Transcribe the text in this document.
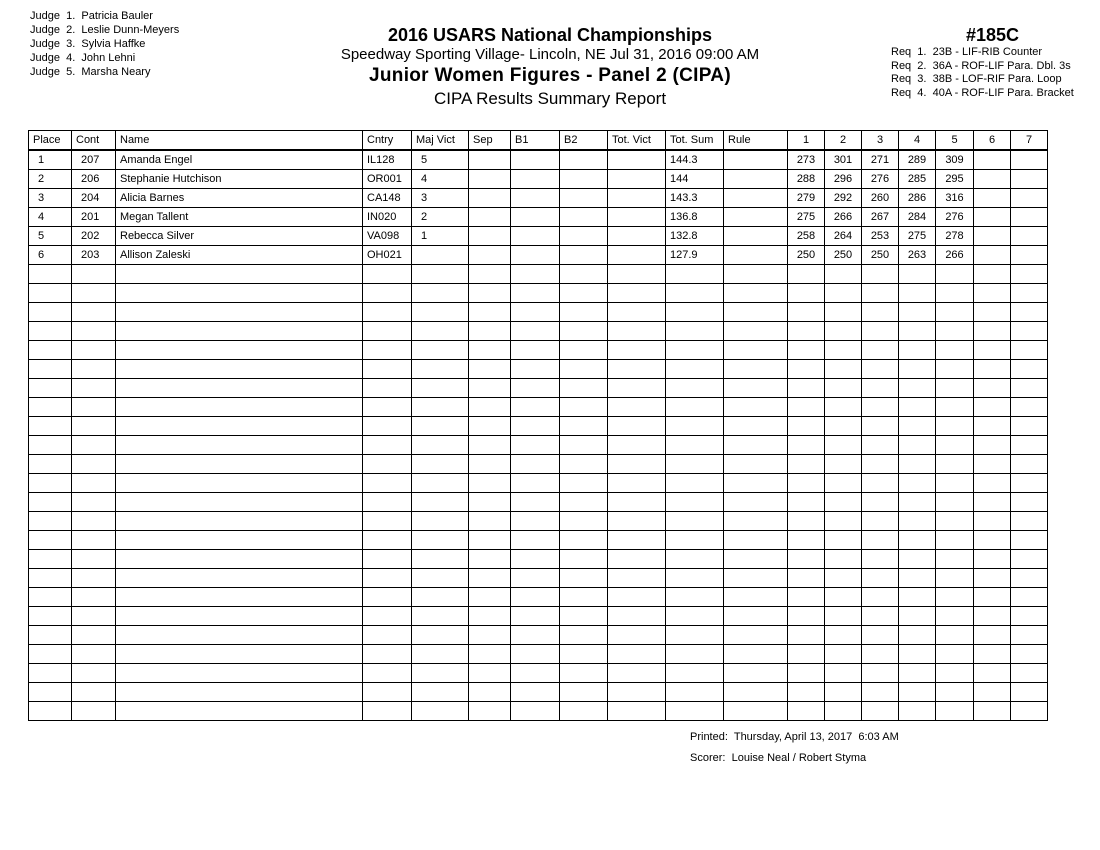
Judge  1. Patricia Bauler
Judge  2. Leslie Dunn-Meyers
Judge  3. Sylvia Haffke
Judge  4. John Lehni
Judge  5. Marsha Neary
2016 USARS National Championships
Speedway Sporting Village- Lincoln, NE Jul 31, 2016 09:00 AM
Junior Women Figures - Panel 2 (CIPA)
CIPA Results Summary Report
#185C
Req  1. 23B - LIF-RIB Counter
Req  2. 36A - ROF-LIF Para. Dbl. 3s
Req  3. 38B - LOF-RIF Para. Loop
Req  4. 40A - ROF-LIF Para. Bracket
Place	Cont	Name	Cntry	Maj Vict	Sep	B1	B2	Tot. Vict	Tot. Sum	Rule	1	2	3	4	5	6	7
1	207	Amanda Engel	IL128	5					144.3		273	301	271	289	309		
2	206	Stephanie Hutchison	OR001	4					144		288	296	276	285	295		
3	204	Alicia Barnes	CA148	3					143.3		279	292	260	286	316		
4	201	Megan Tallent	IN020	2					136.8		275	266	267	284	276		
5	202	Rebecca Silver	VA098	1					132.8		258	264	253	275	278		
6	203	Allison Zaleski	OH021						127.9		250	250	250	263	266		

Printed: Thursday, April 13, 2017  6:03 AM
Scorer: Louise Neal / Robert Styma
